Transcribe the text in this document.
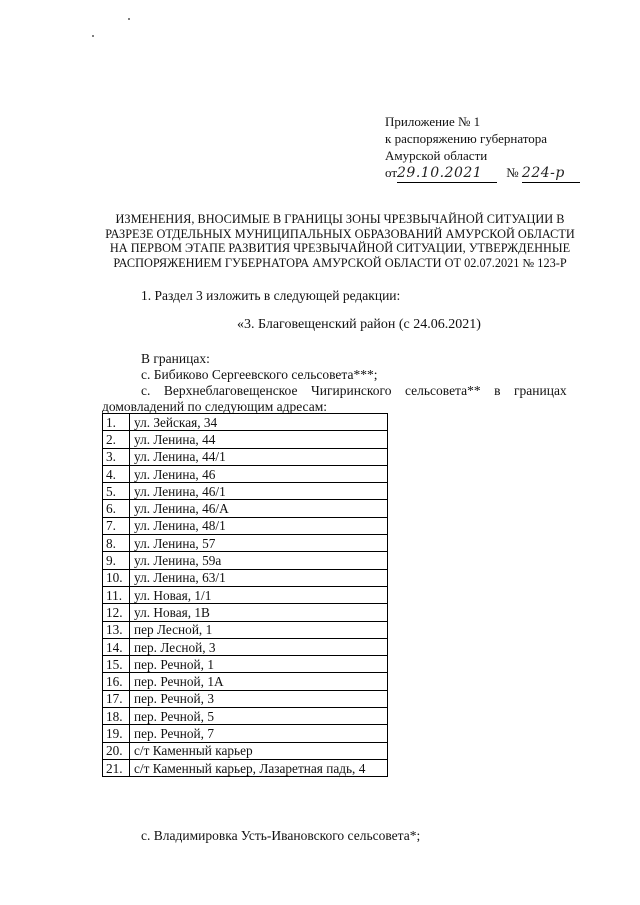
Приложение № 1
к распоряжению губернатора
Амурской области
от29.10.2021 № 224-р
ИЗМЕНЕНИЯ, ВНОСИМЫЕ В ГРАНИЦЫ ЗОНЫ ЧРЕЗВЫЧАЙНОЙ СИТУАЦИИ В
РАЗРЕЗЕ ОТДЕЛЬНЫХ МУНИЦИПАЛЬНЫХ ОБРАЗОВАНИЙ АМУРСКОЙ ОБЛАСТИ
НА ПЕРВОМ ЭТАПЕ РАЗВИТИЯ ЧРЕЗВЫЧАЙНОЙ СИТУАЦИИ, УТВЕРЖДЕННЫЕ
РАСПОРЯЖЕНИЕМ ГУБЕРНАТОРА АМУРСКОЙ ОБЛАСТИ ОТ 02.07.2021 № 123-Р
1. Раздел 3 изложить в следующей редакции:
«3. Благовещенский район (с 24.06.2021)
В границах:
с. Бибиково Сергеевского сельсовета***;
с.    Верхнеблаговещенское    Чигиринского    сельсовета**    в    границах
домовладений по следующим адресам:
1.	ул. Зейская, 34
2.	ул. Ленина, 44
3.	ул. Ленина, 44/1
4.	ул. Ленина, 46
5.	ул. Ленина, 46/1
6.	ул. Ленина, 46/А
7.	ул. Ленина, 48/1
8.	ул. Ленина, 57
9.	ул. Ленина, 59а
10.	ул. Ленина, 63/1
11.	ул. Новая, 1/1
12.	ул. Новая, 1В
13.	пер Лесной, 1
14.	пер. Лесной, 3
15.	пер. Речной, 1
16.	пер. Речной, 1А
17.	пер. Речной, 3
18.	пер. Речной, 5
19.	пер. Речной, 7
20.	с/т Каменный карьер
21.	с/т Каменный карьер, Лазаретная падь, 4
с. Владимировка Усть-Ивановского сельсовета*;
